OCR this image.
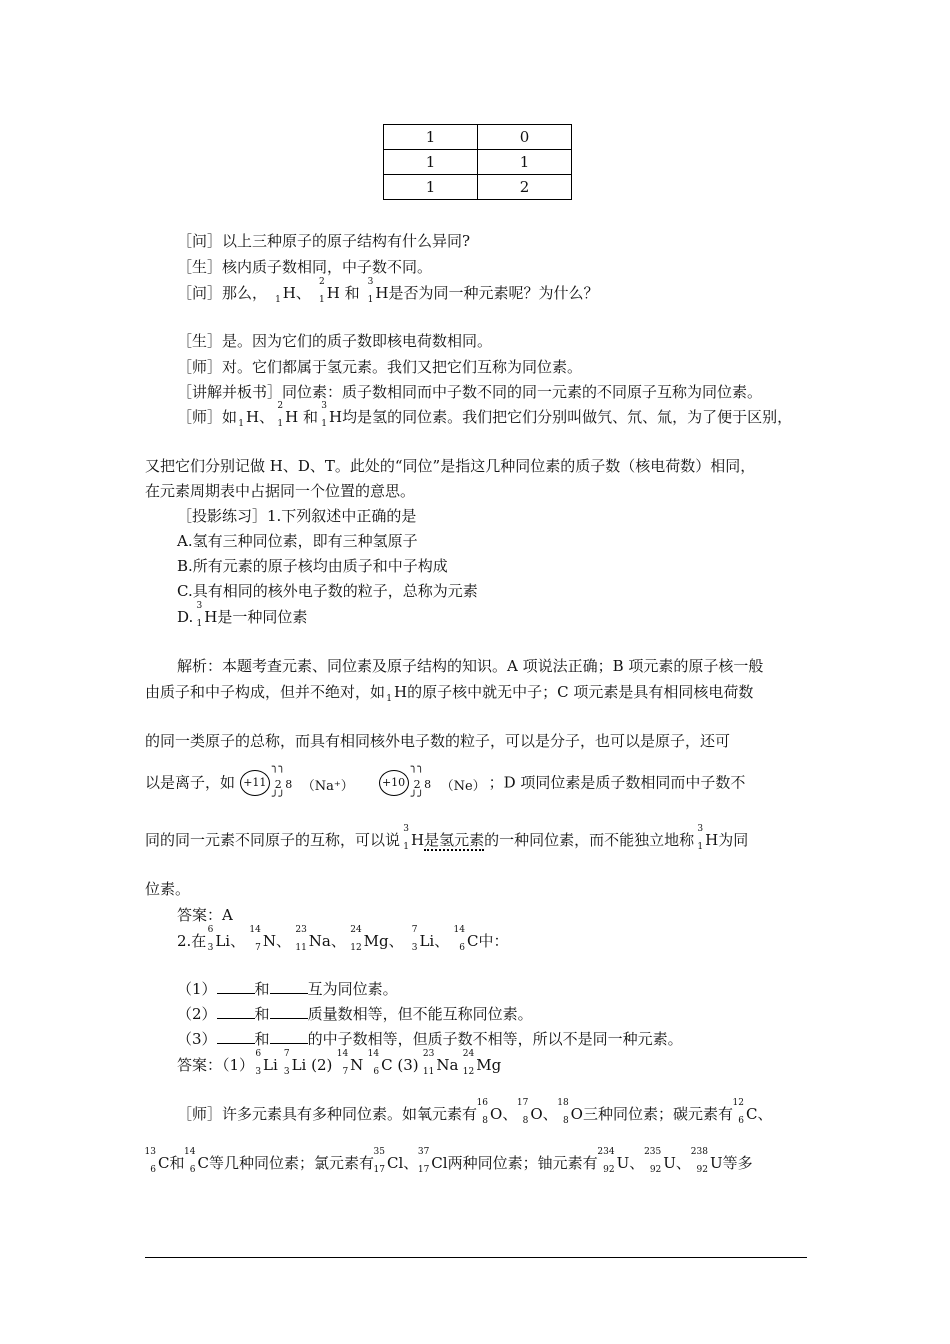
1	0
1	1
1	2
［问］以上三种原子的原子结构有什么异同?
［生］核内质子数相同，中子数不同。
［问］那么， 1 H、
2
1 H 和
3
1 H是否为同一种元素呢？为什么？
［生］是。因为它们的质子数即核电荷数相同。
［师］对。它们都属于氢元素。我们又把它们互称为同位素。
［讲解并板书］同位素：质子数相同而中子数不同的同一元素的不同原子互称为同位素。
［师］如 1 H、
2
1 H 和
3
1 H均是氢的同位素。我们把它们分别叫做氕、氘、氚，为了便于区别，
又把它们分别记做 H、D、T。此处的“同位”是指这几种同位素的质子数（核电荷数）相同，
在元素周期表中占据同一个位置的意思。
［投影练习］1.下列叙述中正确的是
A.氢有三种同位素，即有三种氢原子
B.所有元素的原子核均由质子和中子构成
C.具有相同的核外电子数的粒子，总称为元素
D.
3
1 H是一种同位素
解析：本题考查元素、同位素及原子结构的知识。A 项说法正确；B 项元素的原子核一般
由质子和中子构成，但并不绝对，如 1 H的原子核中就无中子；C 项元素是具有相同核电荷数
的同一类原子的总称，而具有相同核外电子数的粒子，可以是分子，也可以是原子，还可
以是离子，如 +11
╮╮
2 8
╯╯
（Na⁺）
	+10
╮╮
2 8
╯╯
（Ne） ；D 项同位素是质子数相同而中子数不
同的同一元素不同原子的互称，可以说
3
1 H是氢元素的一种同位素，而不能独立地称
3
1 H为同
位素。
答案：A
2.在
6
3 Li、
14
7 N、
23
11 Na、
24
12 Mg、
7
3 Li、
14
6 C中：
（1）	和	互为同位素。
（2）	和	质量数相等，但不能互称同位素。
（3）	和	的中子数相等，但质子数不相等，所以不是同一种元素。
答案：（1）
6
3 Li
7
3 Li (2)
14
7 N
14
6 C (3)
23
11 Na
24
12 Mg
［师］许多元素具有多种同位素。如氧元素有
16
8 O、
17
8 O、
18
8 O三种同位素；碳元素有
12
6 C、
13
6 C和
14
6 C等几种同位素；氯元素有
35
17 Cl、
37
17 Cl两种同位素；铀元素有
234
92 U、
235
92 U、
238
92 U等多
